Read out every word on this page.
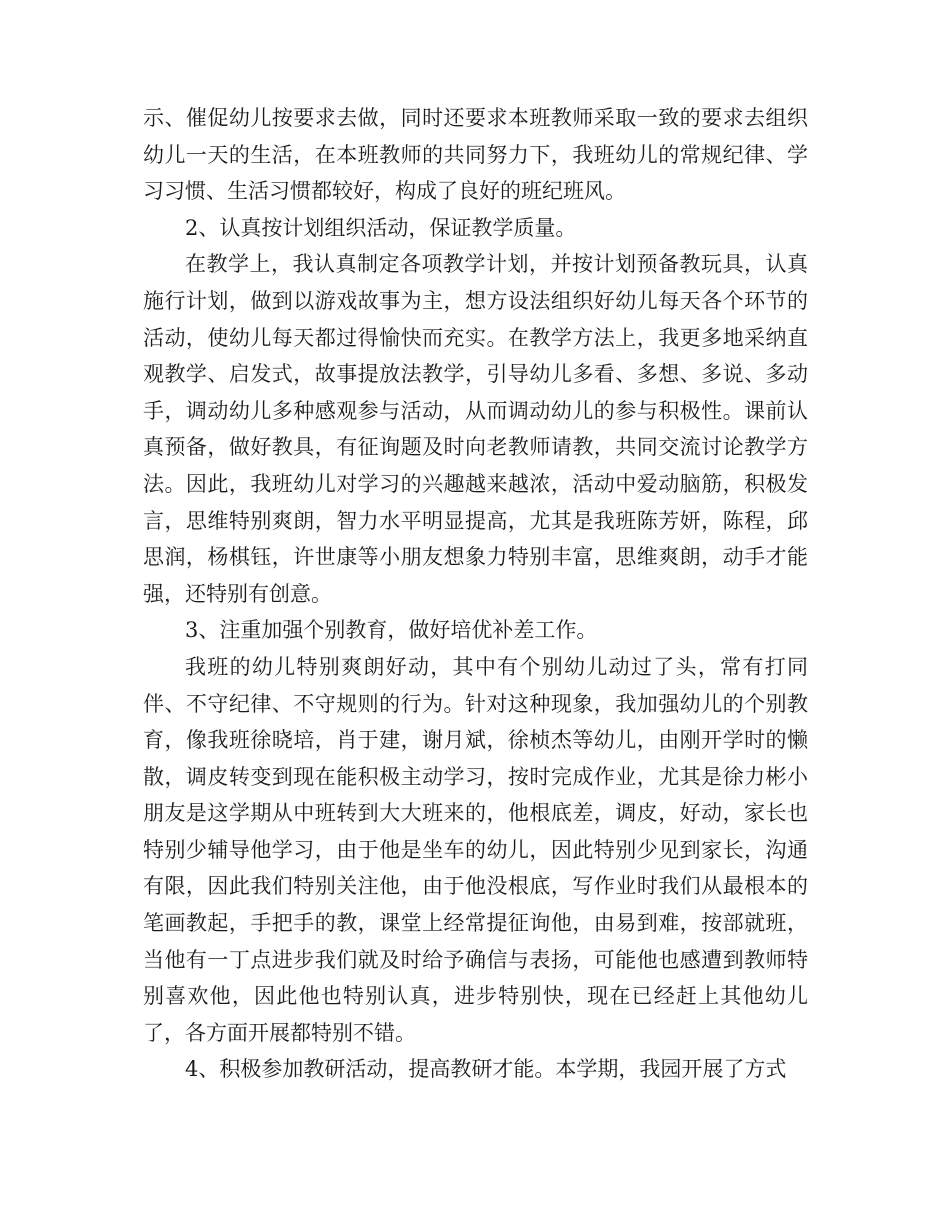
示、催促幼儿按要求去做，同时还要求本班教师采取一致的要求去组织幼儿一天的生活，在本班教师的共同努力下，我班幼儿的常规纪律、学习习惯、生活习惯都较好，构成了良好的班纪班风。

2、认真按计划组织活动，保证教学质量。

在教学上，我认真制定各项教学计划，并按计划预备教玩具，认真施行计划，做到以游戏故事为主，想方设法组织好幼儿每天各个环节的活动，使幼儿每天都过得愉快而充实。在教学方法上，我更多地采纳直观教学、启发式，故事提放法教学，引导幼儿多看、多想、多说、多动手，调动幼儿多种感观参与活动，从而调动幼儿的参与积极性。课前认真预备，做好教具，有征询题及时向老教师请教，共同交流讨论教学方法。因此，我班幼儿对学习的兴趣越来越浓，活动中爱动脑筋，积极发言，思维特别爽朗，智力水平明显提高，尤其是我班陈芳妍，陈程，邱思润，杨棋钰，许世康等小朋友想象力特别丰富，思维爽朗，动手才能强，还特别有创意。

3、注重加强个别教育，做好培优补差工作。

我班的幼儿特别爽朗好动，其中有个别幼儿动过了头，常有打同伴、不守纪律、不守规则的行为。针对这种现象，我加强幼儿的个别教育，像我班徐晓培，肖于建，谢月斌，徐桢杰等幼儿，由刚开学时的懒散，调皮转变到现在能积极主动学习，按时完成作业，尤其是徐力彬小朋友是这学期从中班转到大大班来的，他根底差，调皮，好动，家长也特别少辅导他学习，由于他是坐车的幼儿，因此特别少见到家长，沟通有限，因此我们特别关注他，由于他没根底，写作业时我们从最根本的笔画教起，手把手的教，课堂上经常提征询他，由易到难，按部就班，当他有一丁点进步我们就及时给予确信与表扬，可能他也感遭到教师特别喜欢他，因此他也特别认真，进步特别快，现在已经赶上其他幼儿了，各方面开展都特别不错。

4、积极参加教研活动，提高教研才能。本学期，我园开展了方式
